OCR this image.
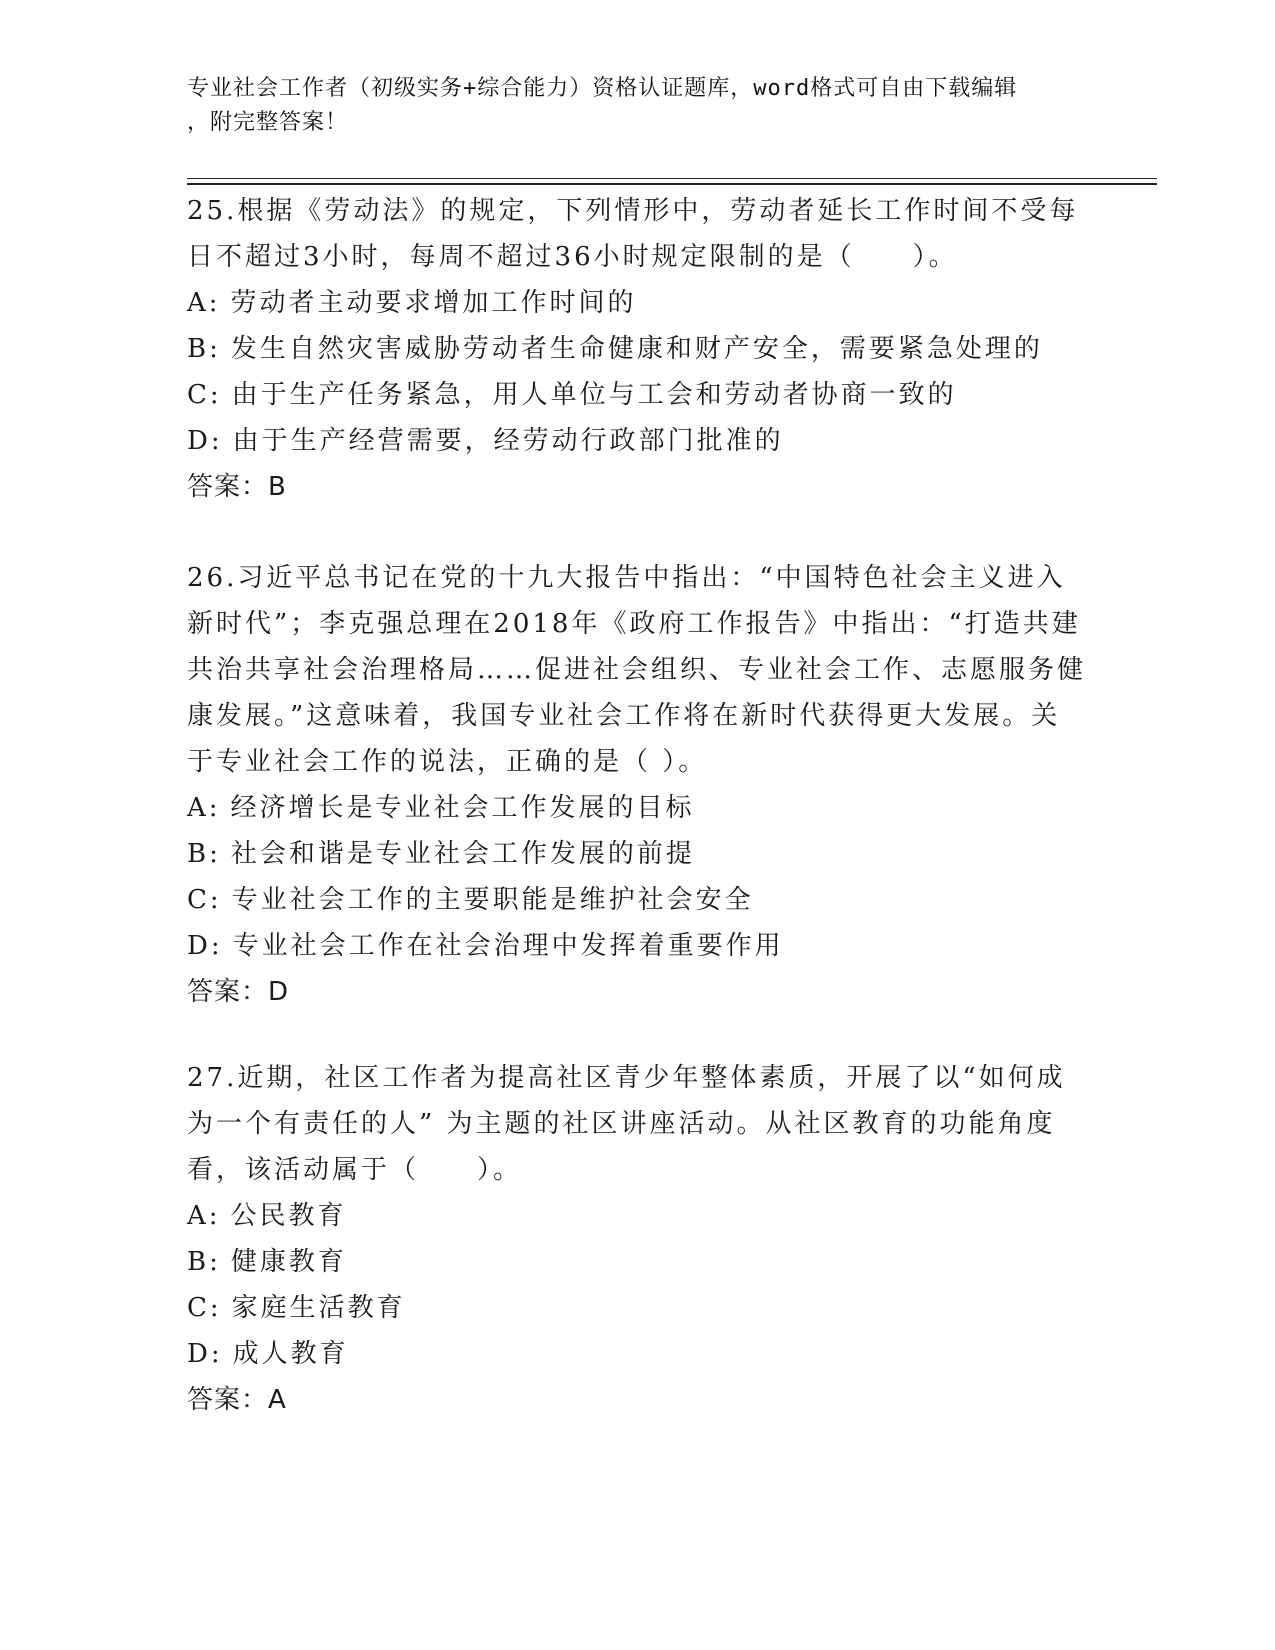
专业社会工作者（初级实务+综合能力）资格认证题库，word格式可自由下载编辑
，附完整答案！

25.根据《劳动法》的规定，下列情形中，劳动者延长工作时间不受每日不超过3小时，每周不超过36小时规定限制的是（　　）。

A: 劳动者主动要求增加工作时间的

B: 发生自然灾害威胁劳动者生命健康和财产安全，需要紧急处理的

C: 由于生产任务紧急，用人单位与工会和劳动者协商一致的

D: 由于生产经营需要，经劳动行政部门批准的

答案：B

26.习近平总书记在党的十九大报告中指出：“中国特色社会主义进入新时代”；李克强总理在2018年《政府工作报告》中指出：“打造共建共治共享社会治理格局……促进社会组织、专业社会工作、志愿服务健康发展。”这意味着，我国专业社会工作将在新时代获得更大发展。关于专业社会工作的说法，正确的是（ ）。

A: 经济增长是专业社会工作发展的目标

B: 社会和谐是专业社会工作发展的前提

C: 专业社会工作的主要职能是维护社会安全

D: 专业社会工作在社会治理中发挥着重要作用

答案：D

27.近期，社区工作者为提高社区青少年整体素质，开展了以“如何成为一个有责任的人” 为主题的社区讲座活动。从社区教育的功能角度看，该活动属于（　　）。

A: 公民教育

B: 健康教育

C: 家庭生活教育

D: 成人教育

答案：A
